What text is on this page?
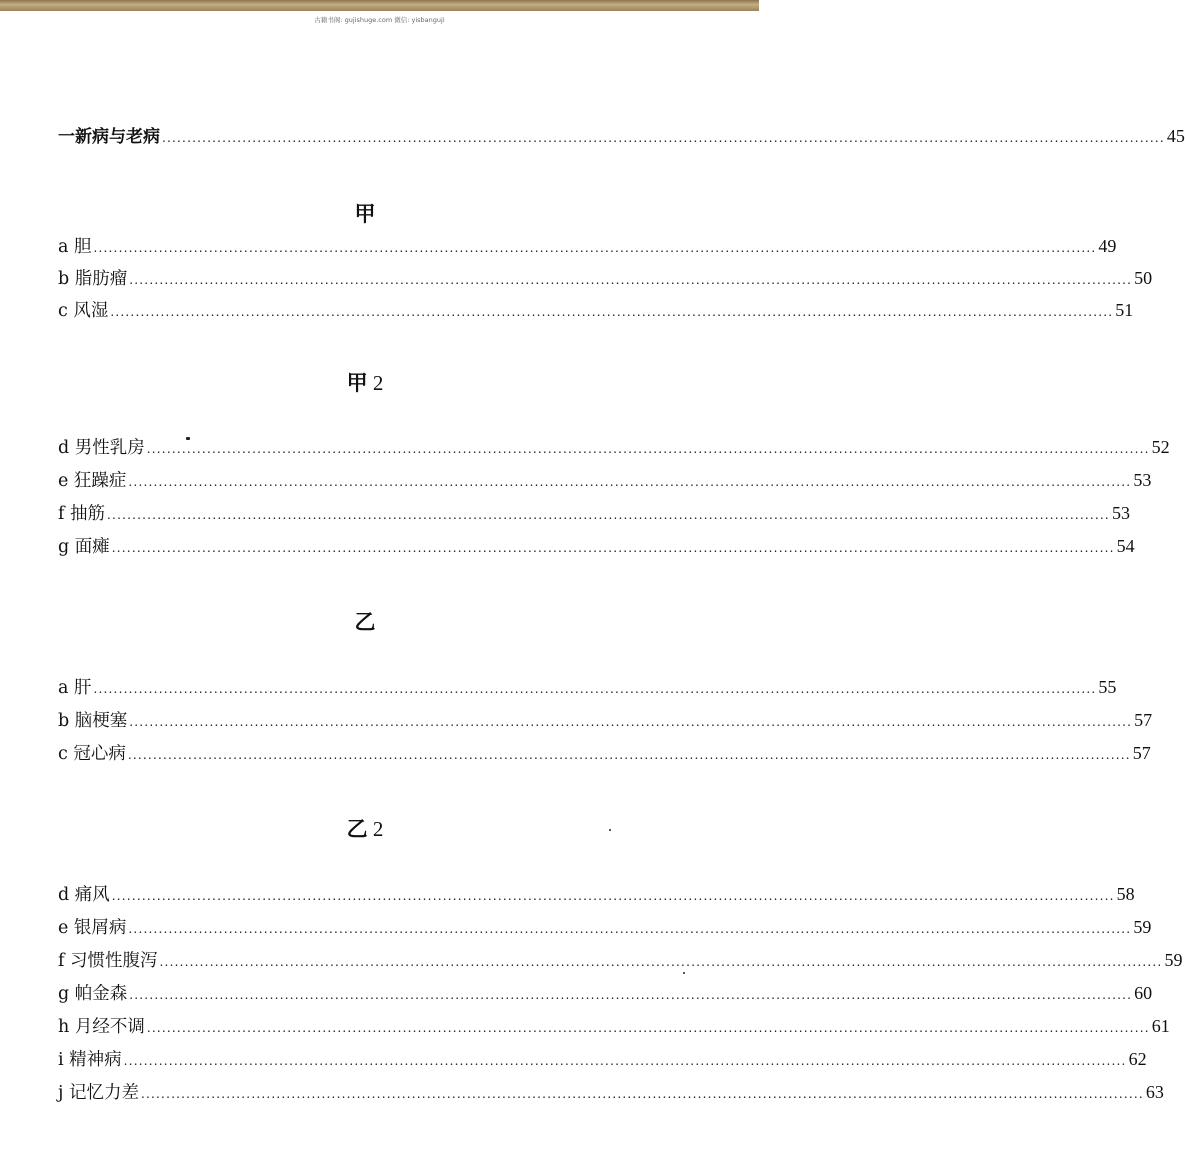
古籍书阁: gujishuge.com 微信: yisbanguji
一新病与老病 ........................................................................................................................................................................................................ 45
甲
a 胆 ........................................................................................................................................................................................................ 49
b 脂肪瘤 ........................................................................................................................................................................................................ 50
c 风湿 ........................................................................................................................................................................................................ 51
甲 2
d 男性乳房 ........................................................................................................................................................................................................ 52
e 狂躁症 ........................................................................................................................................................................................................ 53
f 抽筋 ........................................................................................................................................................................................................ 53
g 面瘫 ........................................................................................................................................................................................................ 54
乙
a 肝 ........................................................................................................................................................................................................ 55
b 脑梗塞 ........................................................................................................................................................................................................ 57
c 冠心病 ........................................................................................................................................................................................................ 57
乙 2
d 痛风 ........................................................................................................................................................................................................ 58
e 银屑病 ........................................................................................................................................................................................................ 59
f 习惯性腹泻 ........................................................................................................................................................................................................ 59
g 帕金森 ........................................................................................................................................................................................................ 60
h 月经不调 ........................................................................................................................................................................................................ 61
i 精神病 ........................................................................................................................................................................................................ 62
j 记忆力差 ........................................................................................................................................................................................................ 63
